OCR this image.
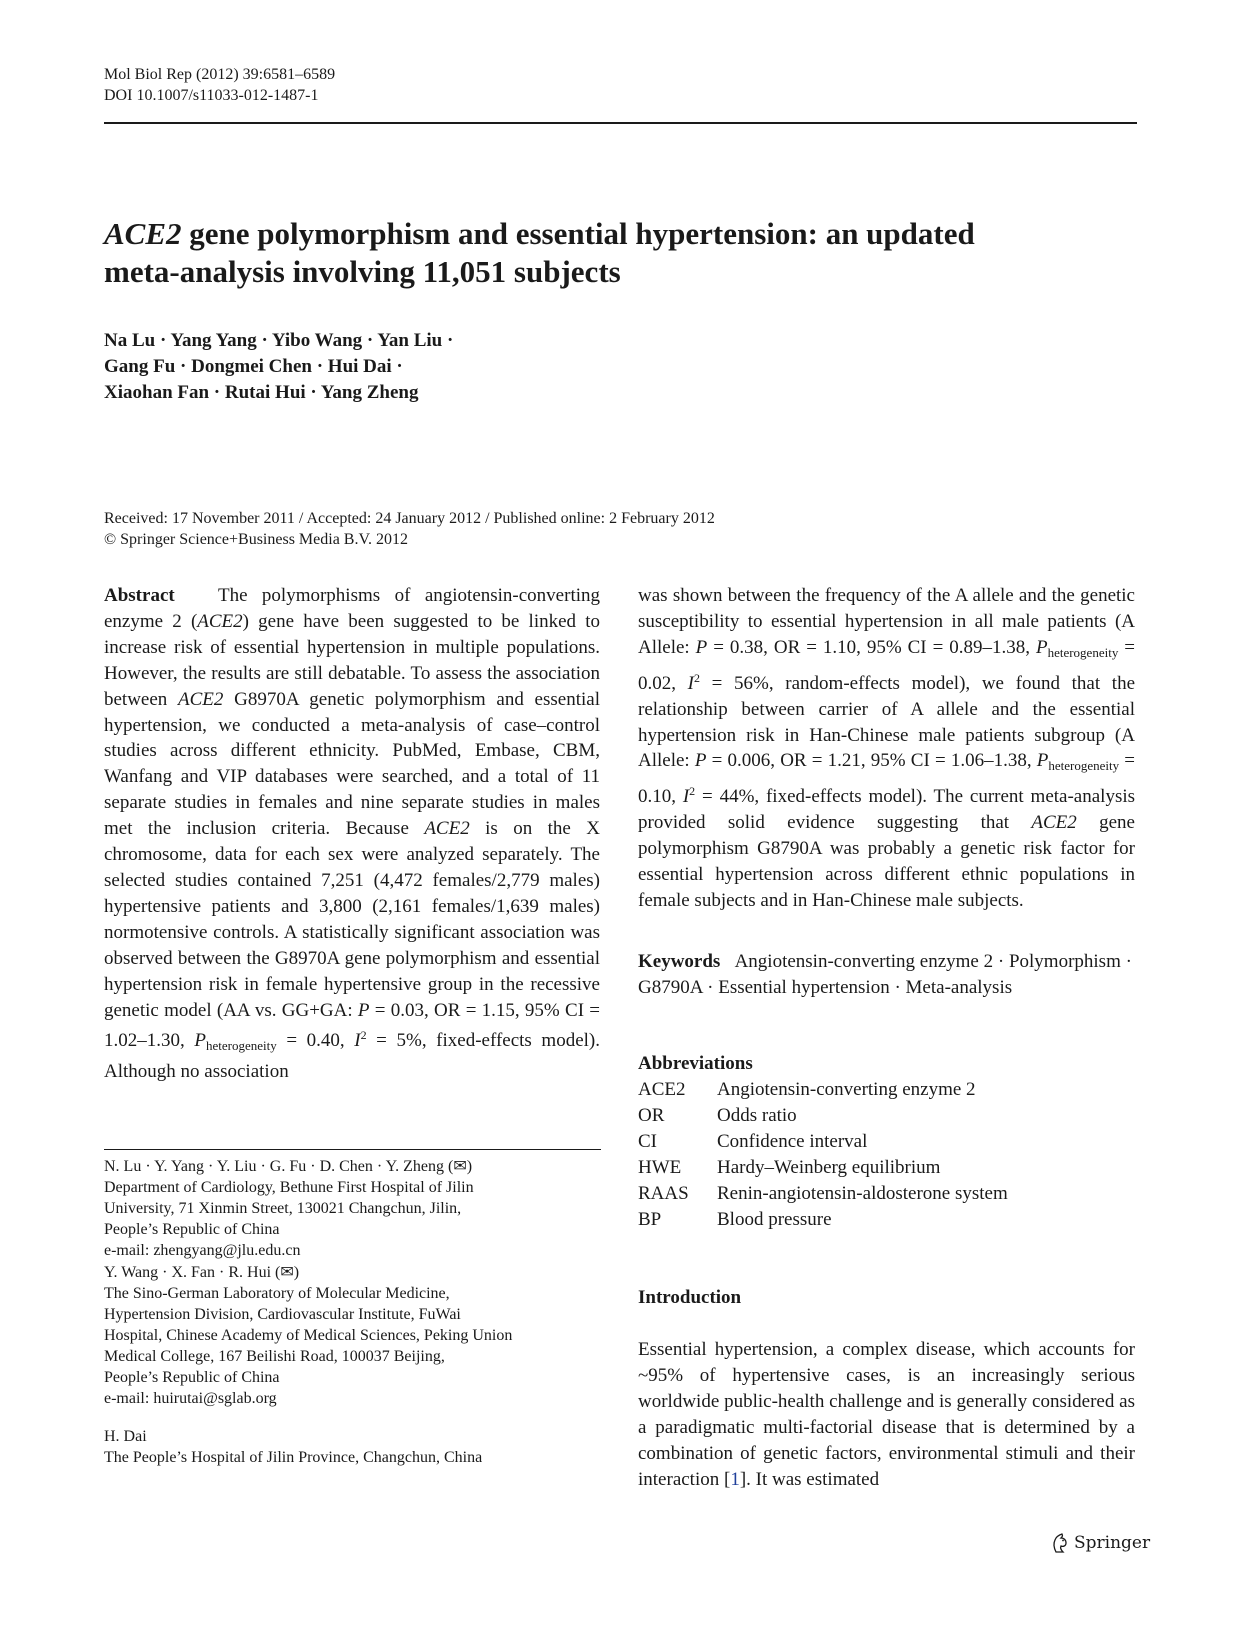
Mol Biol Rep (2012) 39:6581–6589
DOI 10.1007/s11033-012-1487-1
ACE2 gene polymorphism and essential hypertension: an updated
meta-analysis involving 11,051 subjects
Na Lu · Yang Yang · Yibo Wang · Yan Liu ·
Gang Fu · Dongmei Chen · Hui Dai ·
Xiaohan Fan · Rutai Hui · Yang Zheng
Received: 17 November 2011 / Accepted: 24 January 2012 / Published online: 2 February 2012
© Springer Science+Business Media B.V. 2012

Abstract The polymorphisms of angiotensin-converting enzyme 2 (ACE2) gene have been suggested to be linked to increase risk of essential hypertension in multiple populations. However, the results are still debatable. To assess the association between ACE2 G8970A genetic polymorphism and essential hypertension, we conducted a meta-analysis of case–control studies across different ethnicity. PubMed, Embase, CBM, Wanfang and VIP databases were searched, and a total of 11 separate studies in females and nine separate studies in males met the inclusion criteria. Because ACE2 is on the X chromosome, data for each sex were analyzed separately. The selected studies contained 7,251 (4,472 females/2,779 males) hypertensive patients and 3,800 (2,161 females/1,639 males) normotensive controls. A statistically significant association was observed between the G8970A gene polymorphism and essential hypertension risk in female hypertensive group in the recessive genetic model (AA vs. GG+GA: P = 0.03, OR = 1.15, 95% CI = 1.02–1.30, $P_{heterogeneity} = 0.40$, $I^2 = 5\%$, fixed-effects model). Although no association

was shown between the frequency of the A allele and the genetic susceptibility to essential hypertension in all male patients (A Allele: P = 0.38, OR = 1.10, 95% CI = 0.89–1.38, $P_{heterogeneity} = 0.02$, $I^2 = 56\%$, random-effects model), we found that the relationship between carrier of A allele and the essential hypertension risk in Han-Chinese male patients subgroup (A Allele: P = 0.006, OR = 1.21, 95% CI = 1.06–1.38, $P_{heterogeneity} = 0.10$, $I^2 = 44\%$, fixed-effects model). The current meta-analysis provided solid evidence suggesting that ACE2 gene polymorphism G8790A was probably a genetic risk factor for essential hypertension across different ethnic populations in female subjects and in Han-Chinese male subjects.

N. Lu · Y. Yang · Y. Liu · G. Fu · D. Chen · Y. Zheng (✉)
Department of Cardiology, Bethune First Hospital of Jilin
University, 71 Xinmin Street, 130021 Changchun, Jilin,
People’s Republic of China
e-mail: zhengyang@jlu.edu.cn
Y. Wang · X. Fan · R. Hui (✉)
The Sino-German Laboratory of Molecular Medicine,
Hypertension Division, Cardiovascular Institute, FuWai
Hospital, Chinese Academy of Medical Sciences, Peking Union
Medical College, 167 Beilishi Road, 100037 Beijing,
People’s Republic of China
e-mail: huirutai@sglab.org
H. Dai
The People’s Hospital of Jilin Province, Changchun, China
Keywords Angiotensin-converting enzyme 2 · Polymorphism · G8790A · Essential hypertension · Meta-analysis
Abbreviations
ACE2	Angiotensin-converting enzyme 2
OR	Odds ratio
CI	Confidence interval
HWE	Hardy–Weinberg equilibrium
RAAS	Renin-angiotensin-aldosterone system
BP	Blood pressure
Introduction
Essential hypertension, a complex disease, which accounts for ~95% of hypertensive cases, is an increasingly serious worldwide public-health challenge and is generally considered as a paradigmatic multi-factorial disease that is determined by a combination of genetic factors, environmental stimuli and their interaction [1]. It was estimated
Springer
